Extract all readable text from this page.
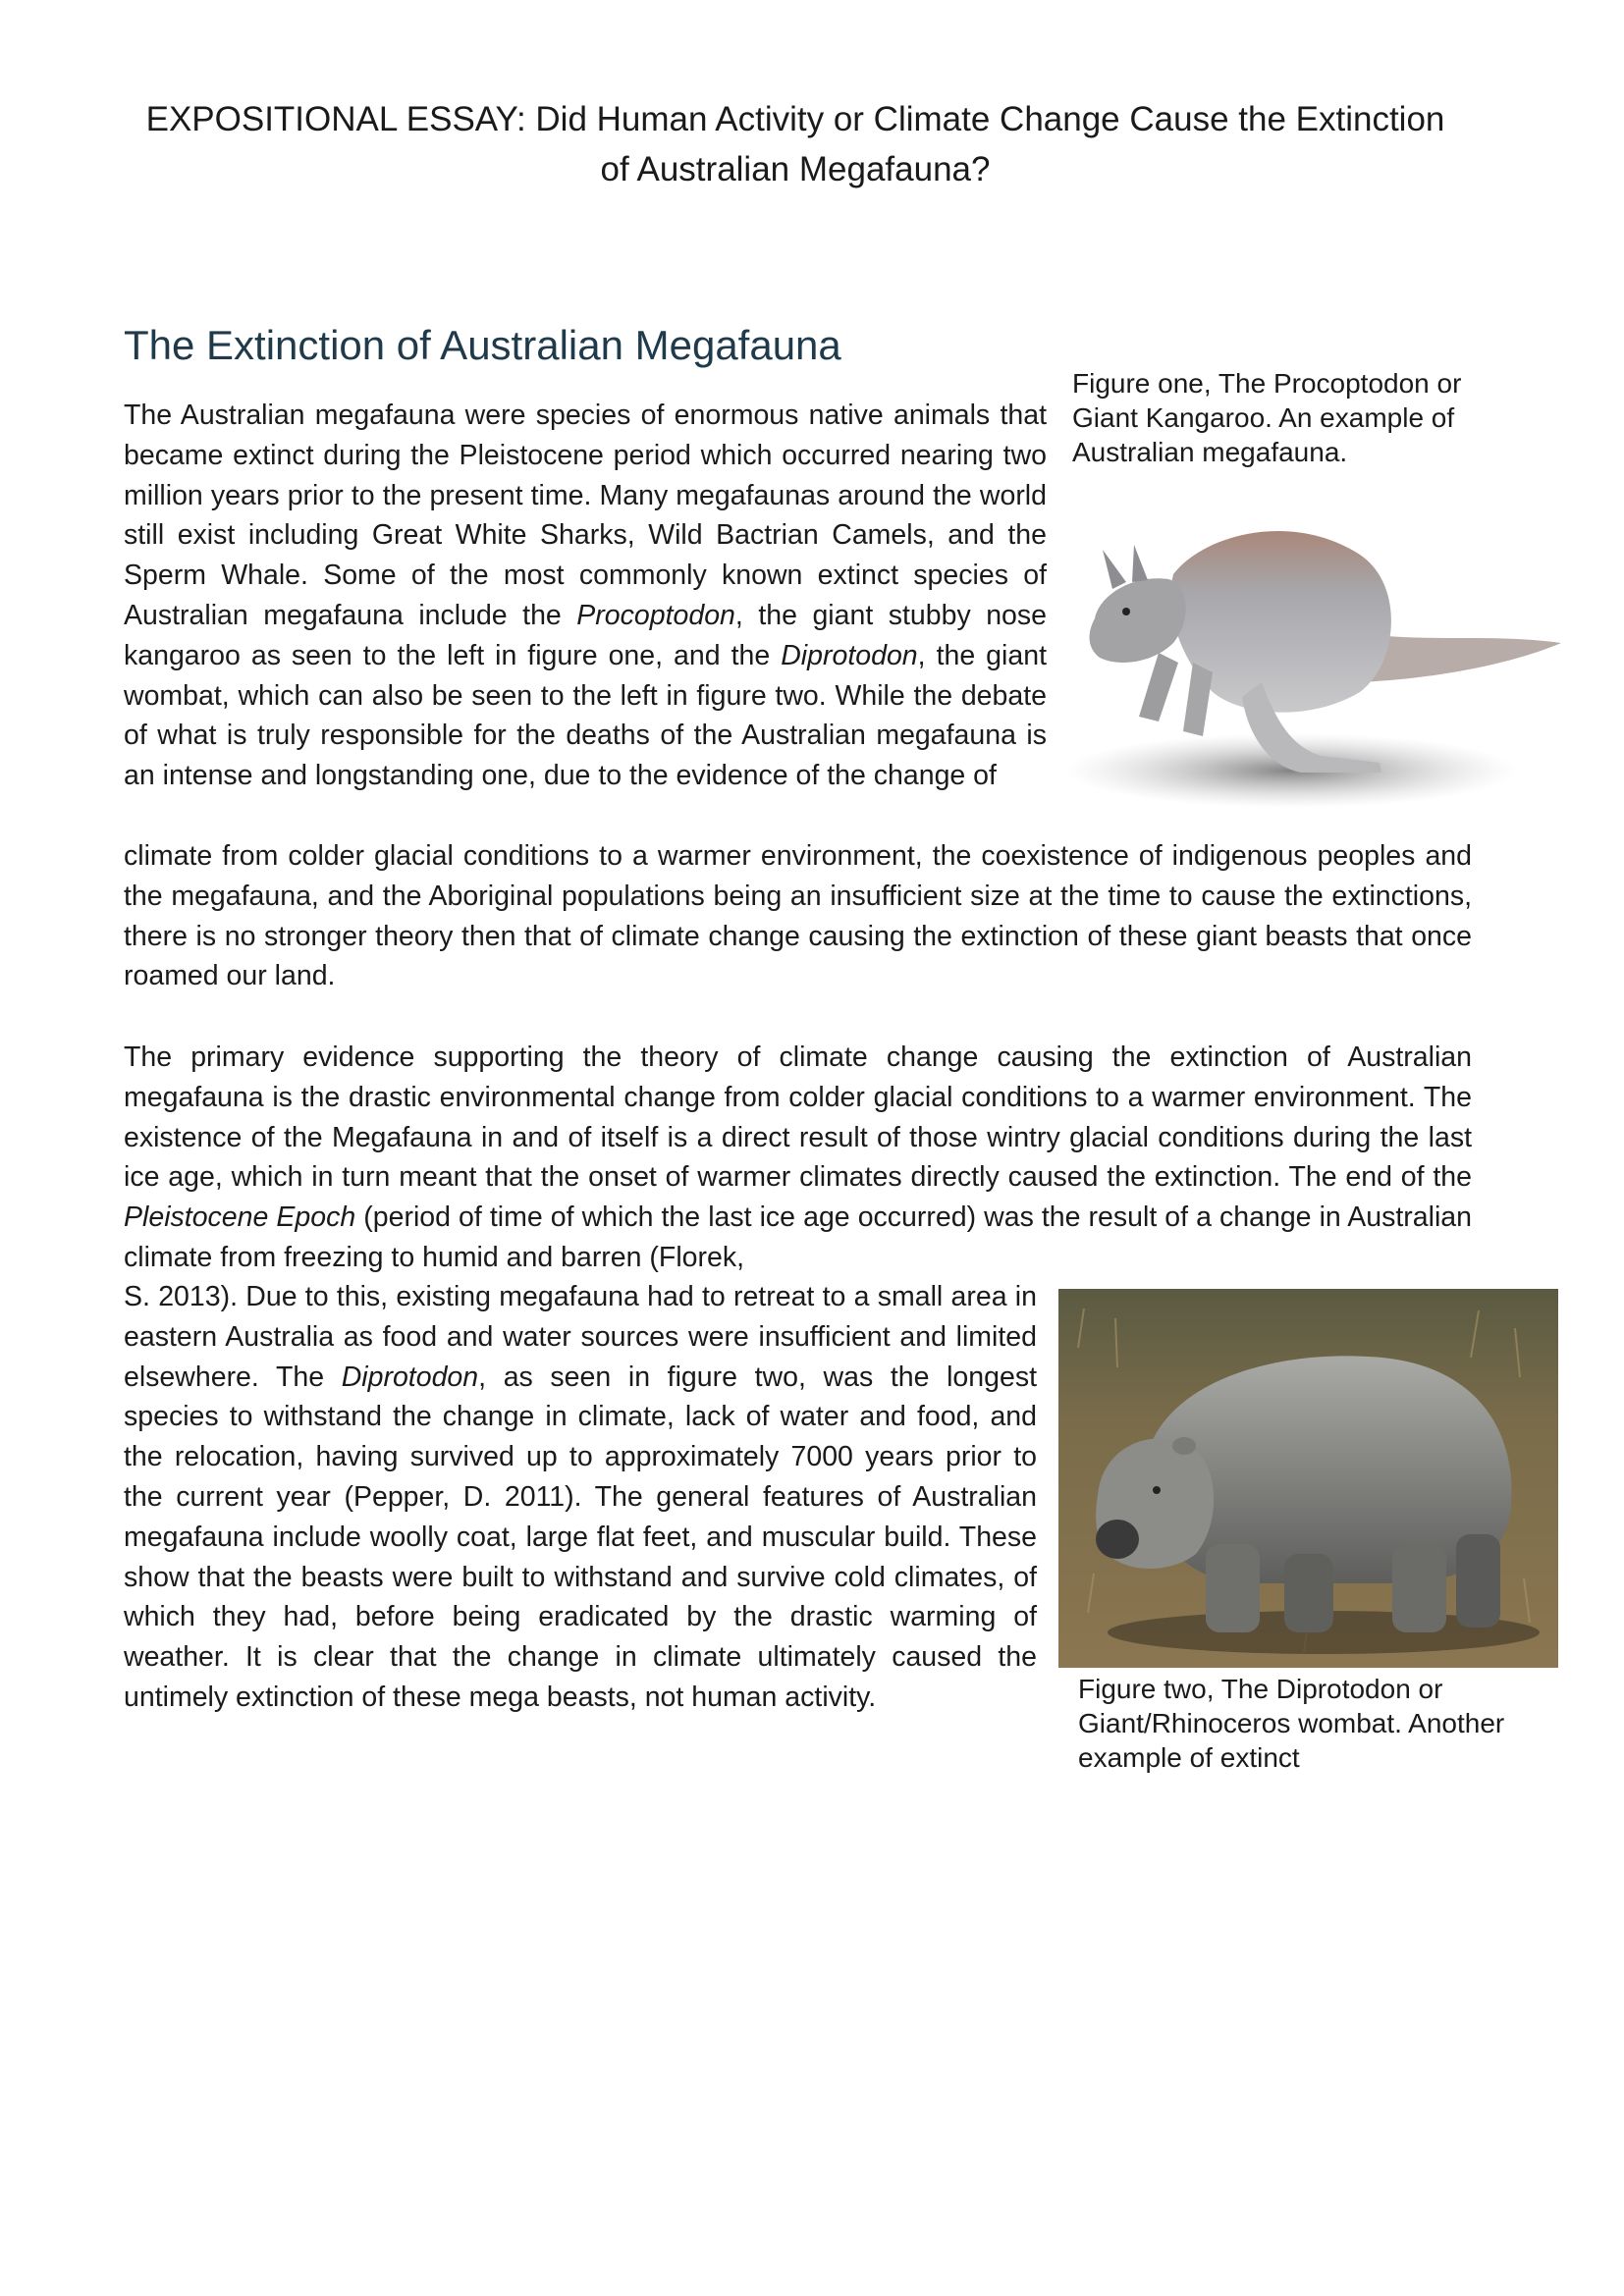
EXPOSITIONAL ESSAY: Did Human Activity or Climate Change Cause the Extinction of Australian Megafauna?
The Extinction of Australian Megafauna

Figure one, The Procoptodon or Giant Kangaroo. An example of Australian megafauna.

The Australian megafauna were species of enormous native animals that became extinct during the Pleistocene period which occurred nearing two million years prior to the present time. Many megafaunas around the world still exist including Great White Sharks, Wild Bactrian Camels, and the Sperm Whale. Some of the most commonly known extinct species of Australian megafauna include the Procoptodon, the giant stubby nose kangaroo as seen to the left in figure one, and the Diprotodon, the giant wombat, which can also be seen to the left in figure two. While the debate of what is truly responsible for the deaths of the Australian megafauna is an intense and longstanding one, due to the evidence of the change of

climate from colder glacial conditions to a warmer environment, the coexistence of indigenous peoples and the megafauna, and the Aboriginal populations being an insufficient size at the time to cause the extinctions, there is no stronger theory then that of climate change causing the extinction of these giant beasts that once roamed our land.

The primary evidence supporting the theory of climate change causing the extinction of Australian megafauna is the drastic environmental change from colder glacial conditions to a warmer environment. The existence of the Megafauna in and of itself is a direct result of those wintry glacial conditions during the last ice age, which in turn meant that the onset of warmer climates directly caused the extinction. The end of the Pleistocene Epoch (period of time of which the last ice age occurred) was the result of a change in Australian climate from freezing to humid and barren (Florek,

S. 2013). Due to this, existing megafauna had to retreat to a small area in eastern Australia as food and water sources were insufficient and limited elsewhere. The Diprotodon, as seen in figure two, was the longest species to withstand the change in climate, lack of water and food, and the relocation, having survived up to approximately 7000 years prior to the current year (Pepper, D. 2011). The general features of Australian megafauna include woolly coat, large flat feet, and muscular build. These show that the beasts were built to withstand and survive cold climates, of which they had, before being eradicated by the drastic warming of weather. It is clear that the change in climate ultimately caused the untimely extinction of these mega beasts, not human activity.	Figure two, The Diprotodon or Giant/Rhinoceros wombat. Another example of extinct
